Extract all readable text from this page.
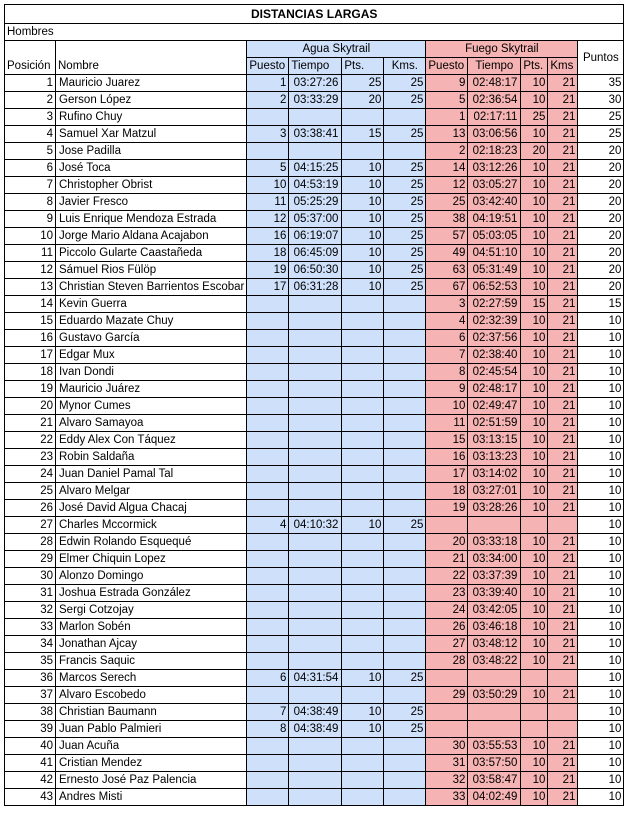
DISTANCIAS LARGAS										
Hombres										
		Agua Skytrail				Fuego Skytrail				Puntos
Posición	Nombre	Puesto	Tiempo	Pts.	Kms.	Puesto	Tiempo	Pts.	Kms	
1	Mauricio Juarez	1	03:27:26	25	25	9	02:48:17	10	21	35
2	Gerson López	2	03:33:29	20	25	5	02:36:54	10	21	30
3	Rufino Chuy					1	02:17:11	25	21	25
4	Samuel Xar Matzul	3	03:38:41	15	25	13	03:06:56	10	21	25
5	Jose Padilla					2	02:18:23	20	21	20
6	José Toca	5	04:15:25	10	25	14	03:12:26	10	21	20
7	Christopher Obrist	10	04:53:19	10	25	12	03:05:27	10	21	20
8	Javier Fresco	11	05:25:29	10	25	25	03:42:40	10	21	20
9	Luis Enrique Mendoza Estrada	12	05:37:00	10	25	38	04:19:51	10	21	20
10	Jorge Mario Aldana Acajabon	16	06:19:07	10	25	57	05:03:05	10	21	20
11	Piccolo Gularte Caastañeda	18	06:45:09	10	25	49	04:51:10	10	21	20
12	Sámuel Rios Fülöp	19	06:50:30	10	25	63	05:31:49	10	21	20
13	Christian Steven Barrientos Escobar	17	06:31:28	10	25	67	06:52:53	10	21	20
14	Kevin Guerra					3	02:27:59	15	21	15
15	Eduardo Mazate Chuy					4	02:32:39	10	21	10
16	Gustavo García					6	02:37:56	10	21	10
17	Edgar Mux					7	02:38:40	10	21	10
18	Ivan Dondi					8	02:45:54	10	21	10
19	Mauricio Juárez					9	02:48:17	10	21	10
20	Mynor Cumes					10	02:49:47	10	21	10
21	Alvaro Samayoa					11	02:51:59	10	21	10
22	Eddy Alex Con Táquez					15	03:13:15	10	21	10
23	Robin Saldaña					16	03:13:23	10	21	10
24	Juan Daniel Pamal Tal					17	03:14:02	10	21	10
25	Alvaro Melgar					18	03:27:01	10	21	10
26	José David Algua Chacaj					19	03:28:26	10	21	10
27	Charles Mccormick	4	04:10:32	10	25					10
28	Edwin Rolando Esquequé					20	03:33:18	10	21	10
29	Elmer Chiquin Lopez					21	03:34:00	10	21	10
30	Alonzo Domingo					22	03:37:39	10	21	10
31	Joshua Estrada González					23	03:39:40	10	21	10
32	Sergi Cotzojay					24	03:42:05	10	21	10
33	Marlon Sobén					26	03:46:18	10	21	10
34	Jonathan Ajcay					27	03:48:12	10	21	10
35	Francis Saquic					28	03:48:22	10	21	10
36	Marcos Serech	6	04:31:54	10	25					10
37	Alvaro Escobedo					29	03:50:29	10	21	10
38	Christian Baumann	7	04:38:49	10	25					10
39	Juan Pablo Palmieri	8	04:38:49	10	25					10
40	Juan Acuña					30	03:55:53	10	21	10
41	Cristian Mendez					31	03:57:50	10	21	10
42	Ernesto José Paz Palencia					32	03:58:47	10	21	10
43	Andres Misti					33	04:02:49	10	21	10
